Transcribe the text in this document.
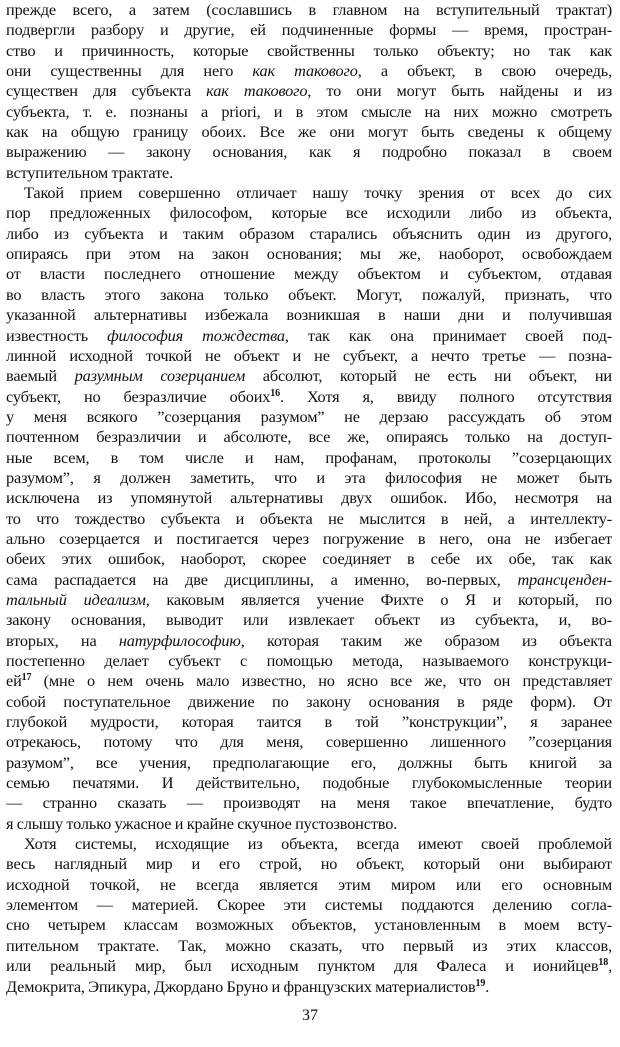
прежде всего, а затем (сославшись в главном на вступительный трактат)
подвергли разбору и другие, ей подчиненные формы — время, простран-
ство и причинность, которые свойственны только объекту; но так как
они существенны для него как таковогo, а объект, в свою очередь,
существен для субъекта как такового, то они могут быть найдены и из
субъекта, т. е. познаны a priori, и в этом смысле на них можно смотреть
как на общую границу обоих. Все же они могут быть сведены к общему
выражению — закону основания, как я подробно показал в своем
вступительном трактате.
Такой прием совершенно отличает нашу точку зрения от всех до сих
пор предложенных философом, которые все исходили либо из объекта,
либо из субъекта и таким образом старались объяснить один из другого,
опираясь при этом на закон основания; мы же, наоборот, освобождаем
от власти последнего отношение между объектом и субъектом, отдавая
во власть этого закона только объект. Могут, пожалуй, признать, что
указанной альтернативы избежала возникшая в наши дни и получившая
известность философия тождества, так как она принимает своей под-
линной исходной точкой не объект и не субъект, а нечто третье — позна-
ваемый разумным созерцанием абсолют, который не есть ни объект, ни
субъект, но безразличие обоих$^{16}$. Хотя я, ввиду полного отсутствия
у меня всякого ”созерцания разумом” не дерзаю рассуждать об этом
почтенном безразличии и абсолюте, все же, опираясь только на доступ-
ные всем, в том числе и нам, профанам, протоколы ”созерцающих
разумом”, я должен заметить, что и эта философия не может быть
исключена из упомянутой альтернативы двух ошибок. Ибо, несмотря на
то что тождество субъекта и объекта не мыслится в ней, а интеллекту-
ально созерцается и постигается через погружение в него, она не избегает
обеих этих ошибок, наоборот, скорее соединяет в себе их обе, так как
сама распадается на две дисциплины, а именно, во-первых, трансценден-
тальный идеализм, каковым является учение Фихте о Я и который, по
закону основания, выводит или извлекает объект из субъекта, и, во-
вторых, на натурфилософию, которая таким же образом из объекта
постепенно делает субъект с помощью метода, называемого конструкци-
$ей^{17}$ (мне о нем очень мало известно, но ясно все же, что он представляет
собой поступательное движение по закону основания в ряде форм). От
глубокой мудрости, которая таится в той ”конструкции”, я заранее
отрекаюсь, потому что для меня, совершенно лишенного ”созерцания
разумом”, все учения, предполагающие его, должны быть книгой за
семью печатями. И действительно, подобные глубокомысленные теории
— странно сказать — производят на меня такое впечатление, будто
я слышу только ужасное и крайне скучное пустозвонство.
Хотя системы, исходящие из объекта, всегда имеют своей проблемой
весь наглядный мир и его строй, но объект, который они выбирают
исходной точкой, не всегда является этим миром или его основным
элементом — материей. Скорее эти системы поддаются делению согла-
сно четырем классам возможных объектов, установленным в моем всту-
пительном трактате. Так, можно сказать, что первый из этих классов,
или реальный мир, был исходным пунктом для Фалеса и ионийцев$^{18}$,
Демокрита, Эпикура, Джордано Бруно и французских материалистов$^{19}$.
37
